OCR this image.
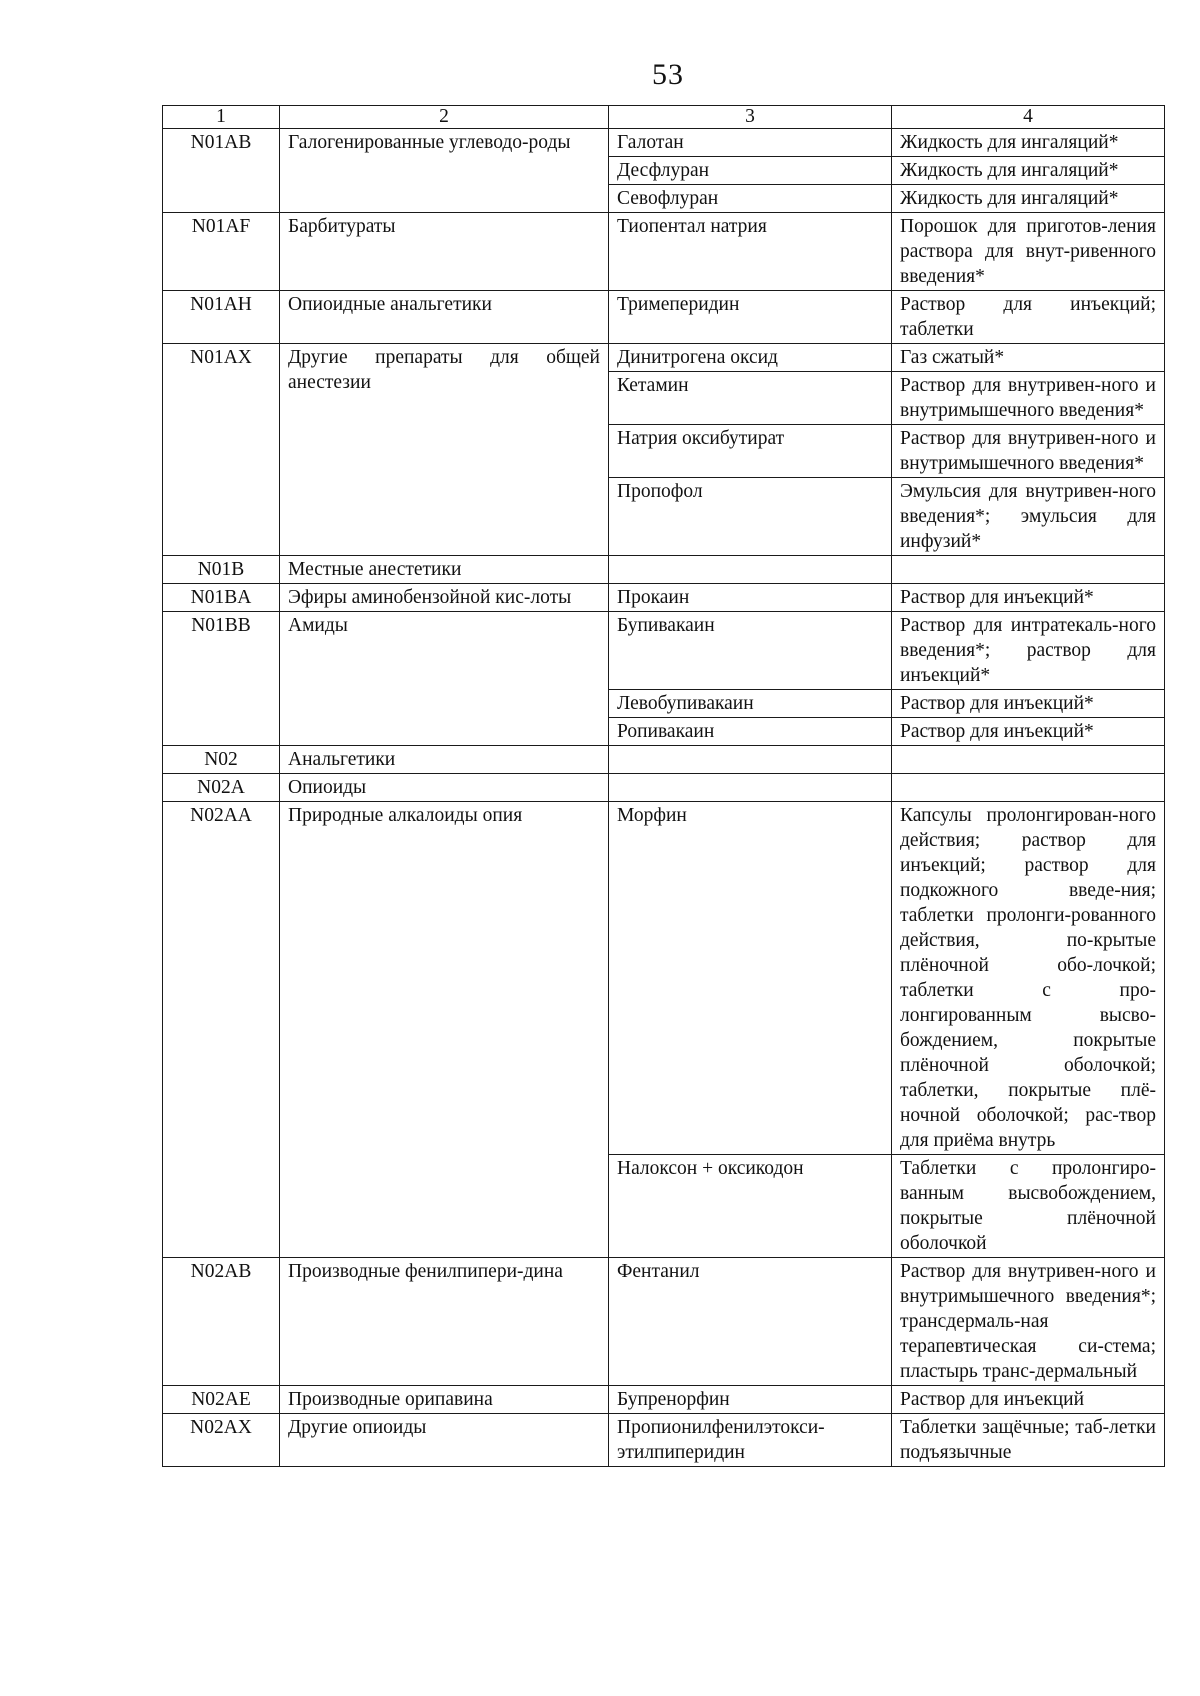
53
1	2	3	4
N01AB	Галогенированные углеводо-роды	Галотан	Жидкость для ингаляций*
		Десфлуран	Жидкость для ингаляций*
		Севофлуран	Жидкость для ингаляций*
N01AF	Барбитураты	Тиопентал натрия	Порошок для приготов-ления раствора для внут-ривенного введения*
N01AH	Опиоидные анальгетики	Тримеперидин	Раствор для инъекций; таблетки
N01AX	Другие препараты для общей анестезии	Динитрогена оксид	Газ сжатый*
		Кетамин	Раствор для внутривен-ного и внутримышечного введения*
		Натрия оксибутират	Раствор для внутривен-ного и внутримышечного введения*
		Пропофол	Эмульсия для внутривен-ного введения*; эмульсия для инфузий*
N01B	Местные анестетики		
N01BA	Эфиры аминобензойной кис-лоты	Прокаин	Раствор для инъекций*
N01BB	Амиды	Бупивакаин	Раствор для интратекаль-ного введения*; раствор для инъекций*
		Левобупивакаин	Раствор для инъекций*
		Ропивакаин	Раствор для инъекций*
N02	Анальгетики		
N02A	Опиоиды		
N02AA	Природные алкалоиды опия	Морфин	Капсулы пролонгирован-ного действия; раствор для инъекций; раствор для подкожного введе-ния; таблетки пролонги-рованного действия, по-крытые плёночной обо-лочкой; таблетки с про-лонгированным высво-бождением, покрытые плёночной оболочкой; таблетки, покрытые плё-ночной оболочкой; рас-твор для приёма внутрь
		Налоксон + оксикодон	Таблетки с пролонгиро-ванным высвобождением, покрытые плёночной оболочкой
N02AB	Производные фенилпипери-дина	Фентанил	Раствор для внутривен-ного и внутримышечного введения*; трансдермаль-ная терапевтическая си-стема; пластырь транс-дермальный
N02AE	Производные орипавина	Бупренорфин	Раствор для инъекций
N02AX	Другие опиоиды	Пропионилфенилэтокси-этилпиперидин	Таблетки защёчные; таб-летки подъязычные
